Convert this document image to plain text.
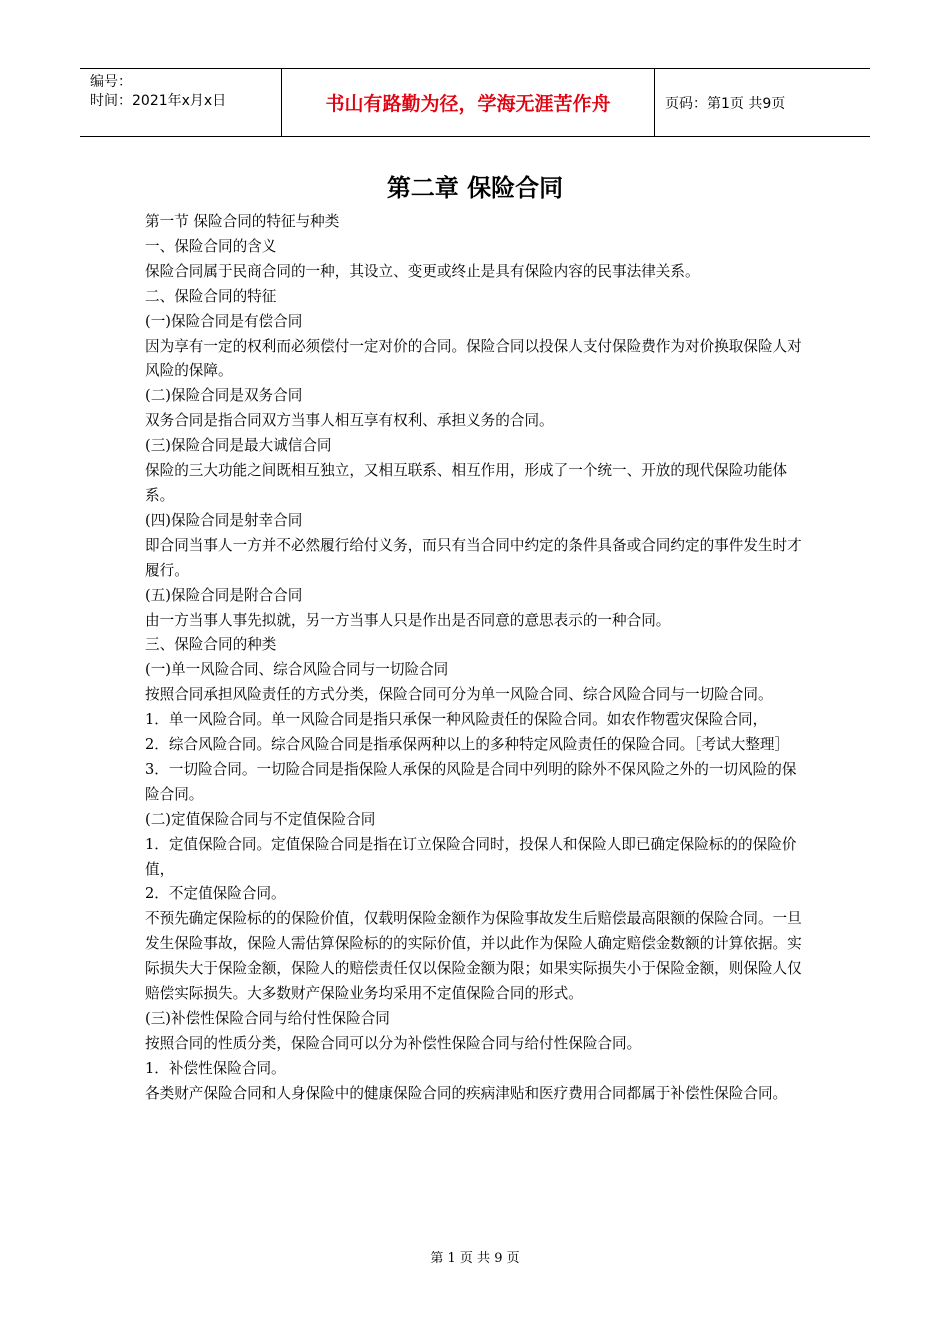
编号：
时间：2021年x月x日	书山有路勤为径，学海无涯苦作舟	页码：第1页 共9页
第二章 保险合同

第一节 保险合同的特征与种类

一、保险合同的含义

保险合同属于民商合同的一种，其设立、变更或终止是具有保险内容的民事法律关系。

二、保险合同的特征

(一)保险合同是有偿合同

因为享有一定的权利而必须偿付一定对价的合同。保险合同以投保人支付保险费作为对价换取保险人对风险的保障。

(二)保险合同是双务合同

双务合同是指合同双方当事人相互享有权利、承担义务的合同。

(三)保险合同是最大诚信合同

保险的三大功能之间既相互独立，又相互联系、相互作用，形成了一个统一、开放的现代保险功能体系。

(四)保险合同是射幸合同

即合同当事人一方并不必然履行给付义务，而只有当合同中约定的条件具备或合同约定的事件发生时才履行。

(五)保险合同是附合合同

由一方当事人事先拟就，另一方当事人只是作出是否同意的意思表示的一种合同。

三、保险合同的种类

(一)单一风险合同、综合风险合同与一切险合同

按照合同承担风险责任的方式分类，保险合同可分为单一风险合同、综合风险合同与一切险合同。

1．单一风险合同。单一风险合同是指只承保一种风险责任的保险合同。如农作物雹灾保险合同，

2．综合风险合同。综合风险合同是指承保两种以上的多种特定风险责任的保险合同。［考试大整理］

3．一切险合同。一切险合同是指保险人承保的风险是合同中列明的除外不保风险之外的一切风险的保险合同。

(二)定值保险合同与不定值保险合同

1．定值保险合同。定值保险合同是指在订立保险合同时，投保人和保险人即已确定保险标的的保险价值，

2．不定值保险合同。

不预先确定保险标的的保险价值，仅载明保险金额作为保险事故发生后赔偿最高限额的保险合同。一旦发生保险事故，保险人需估算保险标的的实际价值，并以此作为保险人确定赔偿金数额的计算依据。实际损失大于保险金额，保险人的赔偿责任仅以保险金额为限；如果实际损失小于保险金额，则保险人仅赔偿实际损失。大多数财产保险业务均采用不定值保险合同的形式。

(三)补偿性保险合同与给付性保险合同

按照合同的性质分类，保险合同可以分为补偿性保险合同与给付性保险合同。

1．补偿性保险合同。

各类财产保险合同和人身保险中的健康保险合同的疾病津贴和医疗费用合同都属于补偿性保险合同。

第 1 页 共 9 页
